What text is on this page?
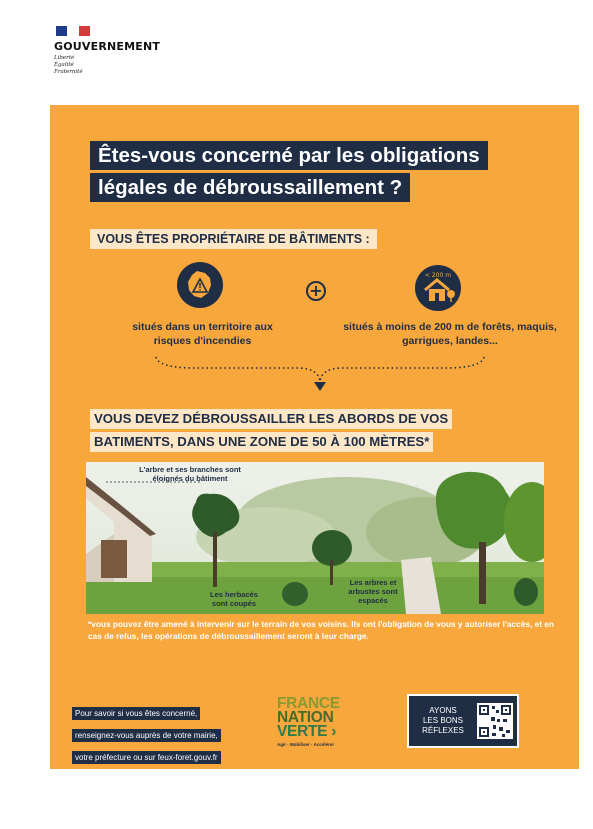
GOUVERNEMENT
Liberté
Égalité
Fraternité
Êtes-vous concerné par les obligations
légales de débroussaillement ?
VOUS ÊTES PROPRIÉTAIRE DE BÂTIMENTS :
+
< 200 m
situés dans un territoire aux risques d'incendies
situés à moins de 200 m de forêts, maquis, garrigues, landes...
VOUS DEVEZ DÉBROUSSAILLER LES ABORDS DE VOS
BATIMENTS, DANS UNE ZONE DE 50 À 100 MÈTRES*
L'arbre et ses branches sont éloignés du bâtiment
Les herbacés sont coupés
Les arbres et arbustes sont espacés
*vous pouvez être amené à intervenir sur le terrain de vos voisins. Ils ont l'obligation de vous y autoriser l'accès, et en cas de refus, les opérations de débroussaillement seront à leur charge.
Pour savoir si vous êtes concerné,
renseignez-vous auprès de votre mairie,
votre préfecture ou sur feux-foret.gouv.fr
FRANCE
NATION
VERTE ›
Agir · Mobiliser · Accélérer
AYONS
LES BONS
RÉFLEXES
